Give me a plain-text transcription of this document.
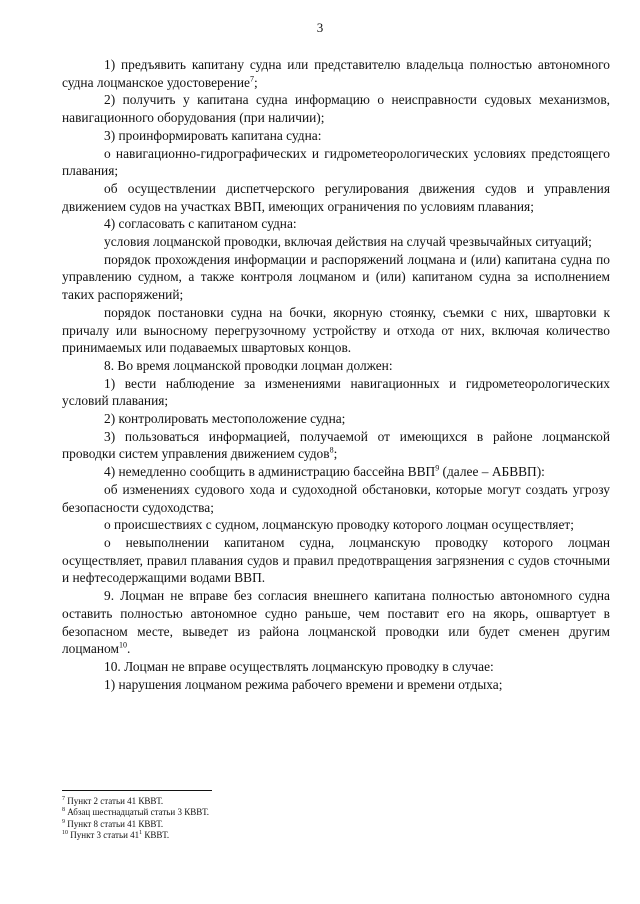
3

1) предъявить капитану судна или представителю владельца полностью автономного судна лоцманское удостоверение$^7$;

2) получить у капитана судна информацию о неисправности судовых механизмов, навигационного оборудования (при наличии);

3) проинформировать капитана судна:

о навигационно-гидрографических и гидрометеорологических условиях предстоящего плавания;

об осуществлении диспетчерского регулирования движения судов и управления движением судов на участках ВВП, имеющих ограничения по условиям плавания;

4) согласовать с капитаном судна:

условия лоцманской проводки, включая действия на случай чрезвычайных ситуаций;

порядок прохождения информации и распоряжений лоцмана и (или) капитана судна по управлению судном, а также контроля лоцманом и (или) капитаном судна за исполнением таких распоряжений;

порядок постановки судна на бочки, якорную стоянку, съемки с них, швартовки к причалу или выносному перегрузочному устройству и отхода от них, включая количество принимаемых или подаваемых швартовых концов.

8. Во время лоцманской проводки лоцман должен:

1) вести наблюдение за изменениями навигационных и гидрометеорологических условий плавания;

2) контролировать местоположение судна;

3) пользоваться информацией, получаемой от имеющихся в районе лоцманской проводки систем управления движением судов$^8$;

4) немедленно сообщить в администрацию бассейна ВВП$^9$ (далее – АБВВП):

об изменениях судового хода и судоходной обстановки, которые могут создать угрозу безопасности судоходства;

о происшествиях с судном, лоцманскую проводку которого лоцман осуществляет;

о невыполнении капитаном судна, лоцманскую проводку которого лоцман осуществляет, правил плавания судов и правил предотвращения загрязнения с судов сточными и нефтесодержащими водами ВВП.

9. Лоцман не вправе без согласия внешнего капитана полностью автономного судна оставить полностью автономное судно раньше, чем поставит его на якорь, ошвартует в безопасном месте, выведет из района лоцманской проводки или будет сменен другим лоцманом$^{10}$.

10. Лоцман не вправе осуществлять лоцманскую проводку в случае:

1) нарушения лоцманом режима рабочего времени и времени отдыха;

$^7$ Пункт 2 статьи 41 КВВТ.
$^8$ Абзац шестнадцатый статьи 3 КВВТ.
$^9$ Пункт 8 статьи 41 КВВТ.
$^{10}$ Пункт 3 статьи $41^1$ КВВТ.
